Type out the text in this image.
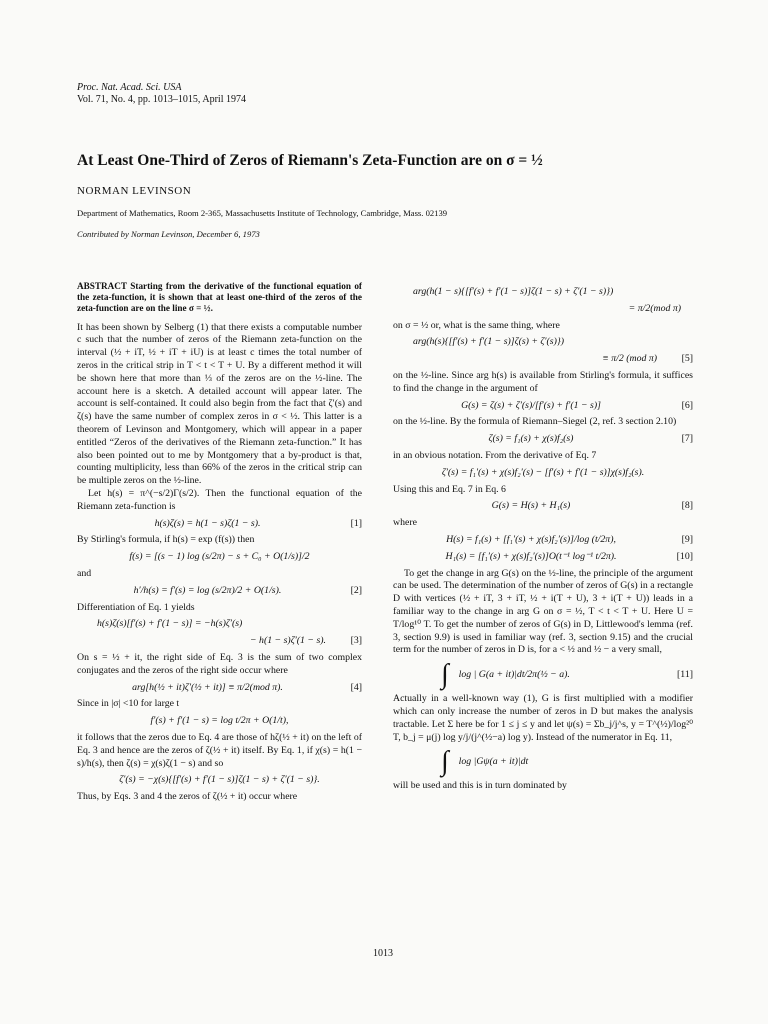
Proc. Nat. Acad. Sci. USA
Vol. 71, No. 4, pp. 1013–1015, April 1974
At Least One-Third of Zeros of Riemann's Zeta-Function are on σ = ½
NORMAN LEVINSON
Department of Mathematics, Room 2-365, Massachusetts Institute of Technology, Cambridge, Mass. 02139
Contributed by Norman Levinson, December 6, 1973

ABSTRACT Starting from the derivative of the functional equation of the zeta-function, it is shown that at least one-third of the zeros of the zeta-function are on the line σ = ½.

It has been shown by Selberg (1) that there exists a computable number c such that the number of zeros of the Riemann zeta-function on the interval (½ + iT, ½ + iT + iU) is at least c times the total number of zeros in the critical strip in T < t < T + U. By a different method it will be shown here that more than ⅓ of the zeros are on the ½-line. The account here is a sketch. A detailed account will appear later. The account is self-contained. It could also begin from the fact that ζ′(s) and ζ(s) have the same number of complex zeros in σ < ½. This latter is a theorem of Levinson and Montgomery, which will appear in a paper entitled “Zeros of the derivatives of the Riemann zeta-function.” It has also been pointed out to me by Montgomery that a by-product is that, counting multiplicity, less than 66% of the zeros in the critical strip can be multiple zeros on the ½-line.

Let h(s) = π^(−s/2)Γ(s/2). Then the functional equation of the Riemann zeta-function is

h(s)ζ(s) = h(1 − s)ζ(1 − s).	[1]

By Stirling's formula, if h(s) = exp (f(s)) then

f(s) = [(s − 1) log (s/2π) − s + C₀ + O(1/s)]/2

and

h′/h(s) = f′(s) = log (s/2π)/2 + O(1/s).	[2]

Differentiation of Eq. 1 yields

h(s)ζ(s)[f′(s) + f′(1 − s)] = −h(s)ζ′(s)
− h(1 − s)ζ′(1 − s).	[3]

On s = ½ + it, the right side of Eq. 3 is the sum of two complex conjugates and the zeros of the right side occur where

arg[h(½ + it)ζ′(½ + it)] ≡ π/2(mod π).	[4]

Since in |σ| <10 for large t

f′(s) + f′(1 − s) = log t/2π + O(1/t),

it follows that the zeros due to Eq. 4 are those of hζ(½ + it) on the left of Eq. 3 and hence are the zeros of ζ(½ + it) itself. By Eq. 1, if χ(s) = h(1 − s)/h(s), then ζ(s) = χ(s)ζ(1 − s) and so

ζ′(s) = −χ(s){[f′(s) + f′(1 − s)]ζ(1 − s) + ζ′(1 − s)}.

Thus, by Eqs. 3 and 4 the zeros of ζ(½ + it) occur where

arg(h(1 − s){[f′(s) + f′(1 − s)]ζ(1 − s) + ζ′(1 − s)})
= π/2(mod π)

on σ = ½ or, what is the same thing, where

arg(h(s){[f′(s) + f′(1 − s)]ζ(s) + ζ′(s)})
≡ π/2 (mod π)	[5]

on the ½-line. Since arg h(s) is available from Stirling's formula, it suffices to find the change in the argument of

G(s) = ζ(s) + ζ′(s)/[f′(s) + f′(1 − s)]	[6]

on the ½-line. By the formula of Riemann–Siegel (2, ref. 3 section 2.10)

ζ(s) = f₁(s) + χ(s)f₂(s)	[7]

in an obvious notation. From the derivative of Eq. 7

ζ′(s) = f₁′(s) + χ(s)f₂′(s) − [f′(s) + f′(1 − s)]χ(s)f₂(s).

Using this and Eq. 7 in Eq. 6

G(s) = H(s) + H₁(s)	[8]

where

H(s) = f₁(s) + [f₁′(s) + χ(s)f₂′(s)]/log (t/2π),	[9]
H₁(s) = [f₁′(s) + χ(s)f₂′(s)]O(t⁻¹ log⁻¹ t/2π).	[10]

To get the change in arg G(s) on the ½-line, the principle of the argument can be used. The determination of the number of zeros of G(s) in a rectangle D with vertices (½ + iT, 3 + iT, ½ + i(T + U), 3 + i(T + U)) leads in a familiar way to the change in arg G on σ = ½, T < t < T + U. Here U = T/log¹⁰ T. To get the number of zeros of G(s) in D, Littlewood's lemma (ref. 3, section 9.9) is used in familiar way (ref. 3, section 9.15) and the crucial term for the number of zeros in D is, for a < ½ and ½ − a very small,

∫ log | G(a + it)|dt/2π(½ − a).	[11]

Actually in a well-known way (1), G is first multiplied with a modifier which can only increase the number of zeros in D but makes the analysis tractable. Let Σ here be for 1 ≤ j ≤ y and let ψ(s) = Σb_j/j^s, y = T^(½)/log²⁰ T, b_j = μ(j) log y/j/(j^(½−a) log y). Instead of the numerator in Eq. 11,

∫ log |Gψ(a + it)|dt

will be used and this is in turn dominated by

1013
